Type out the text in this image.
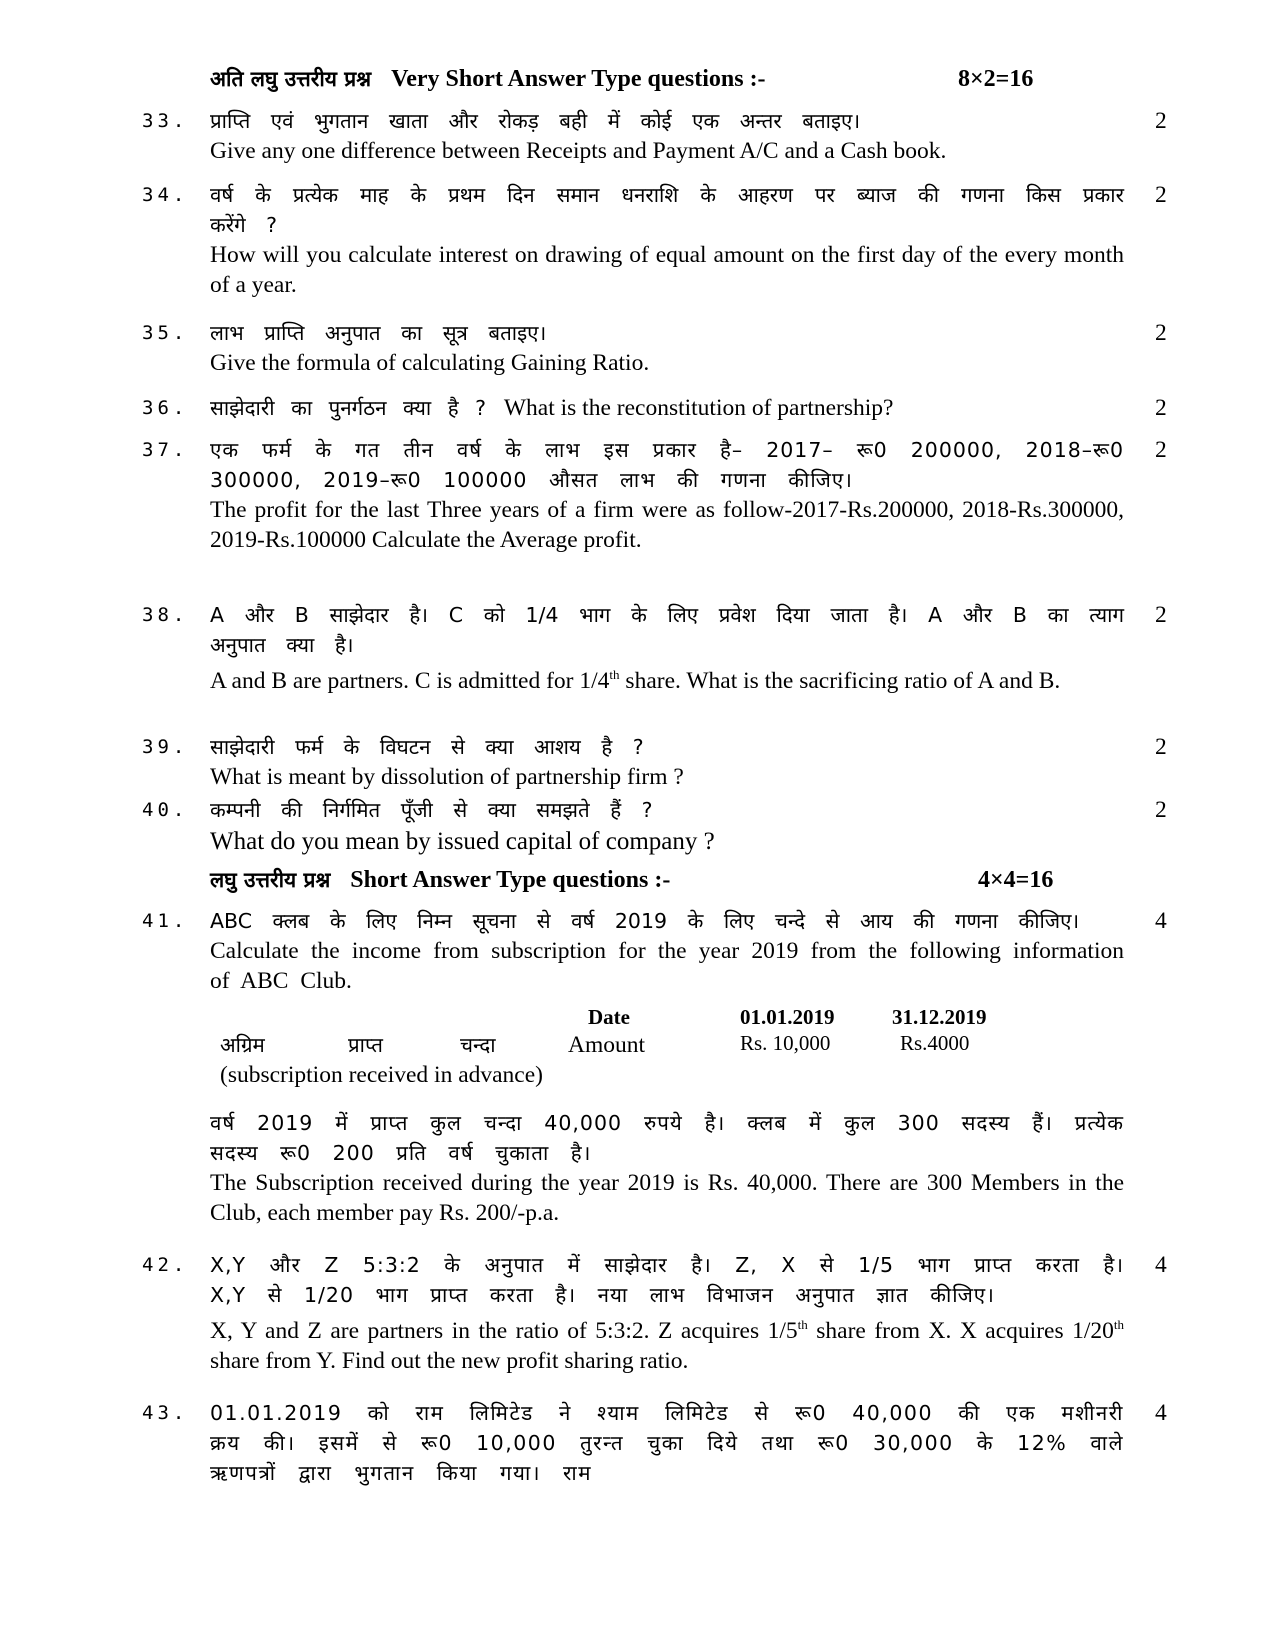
अति लघु उत्तरीय प्रश्न Very Short Answer Type questions :-	8×2=16
33.	2
प्राप्ति एवं भुगतान खाता और रोकड़ बही में कोई एक अन्तर बताइए।
Give any one difference between Receipts and Payment A/C and a Cash book.
34.	2
वर्ष के प्रत्येक माह के प्रथम दिन समान धनराशि के आहरण पर ब्याज की गणना किस प्रकार करेंगे ?
How will you calculate interest on drawing of equal amount on the first day of the every month of a year.
35.	2
लाभ प्राप्ति अनुपात का सूत्र बताइए।
Give the formula of calculating Gaining Ratio.
36.	2
साझेदारी का पुनर्गठन क्या है ? What is the reconstitution of partnership?
37.	2
एक फर्म के गत तीन वर्ष के लाभ इस प्रकार है– 2017– रू0 200000, 2018–रू0 300000, 2019–रू0 100000 औसत लाभ की गणना कीजिए।
The profit for the last Three years of a firm were as follow-2017-Rs.200000, 2018-Rs.300000, 2019-Rs.100000 Calculate the Average profit.
38.	2
A और B साझेदार है। C को 1/4 भाग के लिए प्रवेश दिया जाता है। A और B का त्याग अनुपात क्या है।
A and B are partners. C is admitted for 1/4th share. What is the sacrificing ratio of A and B.
39.	2
साझेदारी फर्म के विघटन से क्या आशय है ?
What is meant by dissolution of partnership firm ?
40.	2
कम्पनी की निर्गमित पूँजी से क्या समझते हैं ?
What do you mean by issued capital of company ?
लघु उत्तरीय प्रश्न Short Answer Type questions :-	4×4=16
41.	4
ABC क्लब के लिए निम्न सूचना से वर्ष 2019 के लिए चन्दे से आय की गणना कीजिए।
Calculate the income from subscription for the year 2019 from the following information of ABC Club.
Date	01.01.2019	31.12.2019
अग्रिम	प्राप्त	चन्दा	Amount	Rs. 10,000	Rs.4000
(subscription received in advance)
वर्ष 2019 में प्राप्त कुल चन्दा 40,000 रुपये है। क्लब में कुल 300 सदस्य हैं। प्रत्येक सदस्य रू0 200 प्रति वर्ष चुकाता है।
The Subscription received during the year 2019 is Rs. 40,000. There are 300 Members in the Club, each member pay Rs. 200/-p.a.
42.	4
X,Y और Z 5:3:2 के अनुपात में साझेदार है। Z, X से 1/5 भाग प्राप्त करता है। X,Y से 1/20 भाग प्राप्त करता है। नया लाभ विभाजन अनुपात ज्ञात कीजिए।
X, Y and Z are partners in the ratio of 5:3:2. Z acquires 1/5th share from X. X acquires 1/20th share from Y. Find out the new profit sharing ratio.
43.	4
01.01.2019 को राम लिमिटेड ने श्याम लिमिटेड से रू0 40,000 की एक मशीनरी क्रय की। इसमें से रू0 10,000 तुरन्त चुका दिये तथा रू0 30,000 के 12% वाले ऋणपत्रों द्वारा भुगतान किया गया। राम
